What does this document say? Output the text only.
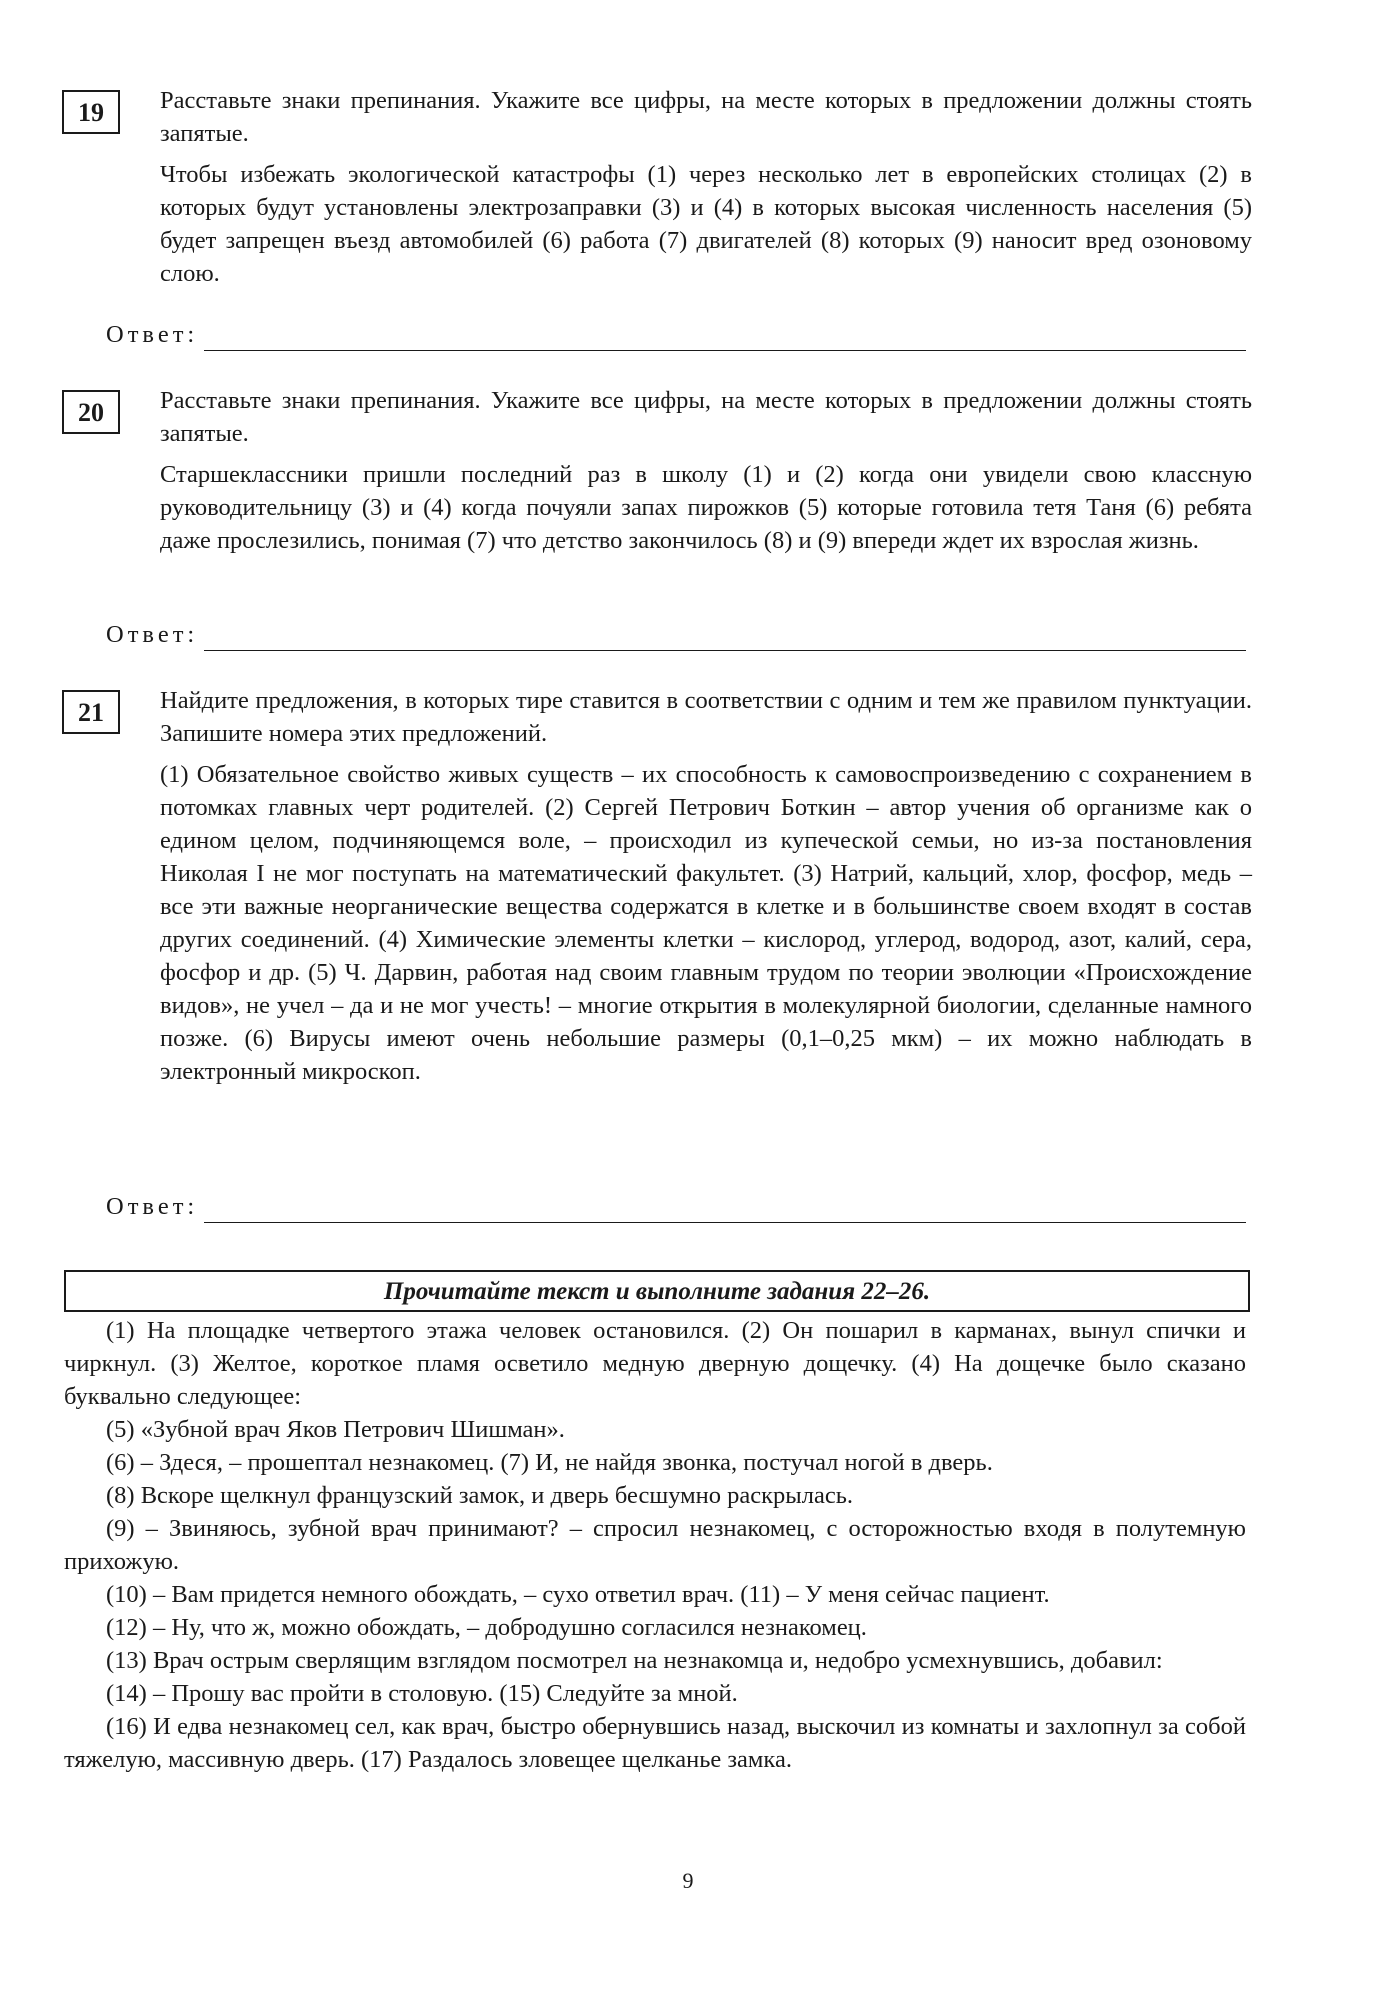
19	Расставьте знаки препинания. Укажите все цифры, на месте которых в предложении должны стоять запятые.

Чтобы избежать экологической катастрофы (1) через несколько лет в европейских столицах (2) в которых будут установлены электрозаправки (3) и (4) в которых высокая численность населения (5) будет запрещен въезд автомобилей (6) работа (7) двигателей (8) которых (9) наносит вред озоновому слою.

Ответ:
20	Расставьте знаки препинания. Укажите все цифры, на месте которых в предложении должны стоять запятые.

Старшеклассники пришли последний раз в школу (1) и (2) когда они увидели свою классную руководительницу (3) и (4) когда почуяли запах пирожков (5) которые готовила тетя Таня (6) ребята даже прослезились, понимая (7) что детство закончилось (8) и (9) впереди ждет их взрослая жизнь.

Ответ:
21	Найдите предложения, в которых тире ставится в соответствии с одним и тем же правилом пунктуации. Запишите номера этих предложений.

(1) Обязательное свойство живых существ – их способность к самовоспроизведению с сохранением в потомках главных черт родителей. (2) Сергей Петрович Боткин – автор учения об организме как о едином целом, подчиняющемся воле, – происходил из купеческой семьи, но из-за постановления Николая I не мог поступать на математический факультет. (3) Натрий, кальций, хлор, фосфор, медь – все эти важные неорганические вещества содержатся в клетке и в большинстве своем входят в состав других соединений. (4) Химические элементы клетки – кислород, углерод, водород, азот, калий, сера, фосфор и др. (5) Ч. Дарвин, работая над своим главным трудом по теории эволюции «Происхождение видов», не учел – да и не мог учесть! – многие открытия в молекулярной биологии, сделанные намного позже. (6) Вирусы имеют очень небольшие размеры (0,1–0,25 мкм) – их можно наблюдать в электронный микроскоп.

Ответ:
Прочитайте текст и выполните задания 22–26.

(1) На площадке четвертого этажа человек остановился. (2) Он пошарил в карманах, вынул спички и чиркнул. (3) Желтое, короткое пламя осветило медную дверную дощечку. (4) На дощечке было сказано буквально следующее:

(5) «Зубной врач Яков Петрович Шишман».

(6) – Здеся, – прошептал незнакомец. (7) И, не найдя звонка, постучал ногой в дверь.

(8) Вскоре щелкнул французский замок, и дверь бесшумно раскрылась.

(9) – Звиняюсь, зубной врач принимают? – спросил незнакомец, с осторожностью входя в полутемную прихожую.

(10) – Вам придется немного обождать, – сухо ответил врач. (11) – У меня сейчас пациент.

(12) – Ну, что ж, можно обождать, – добродушно согласился незнакомец.

(13) Врач острым сверлящим взглядом посмотрел на незнакомца и, недобро усмехнувшись, добавил:

(14) – Прошу вас пройти в столовую. (15) Следуйте за мной.

(16) И едва незнакомец сел, как врач, быстро обернувшись назад, выскочил из комнаты и захлопнул за собой тяжелую, массивную дверь. (17) Раздалось зловещее щелканье замка.

9
